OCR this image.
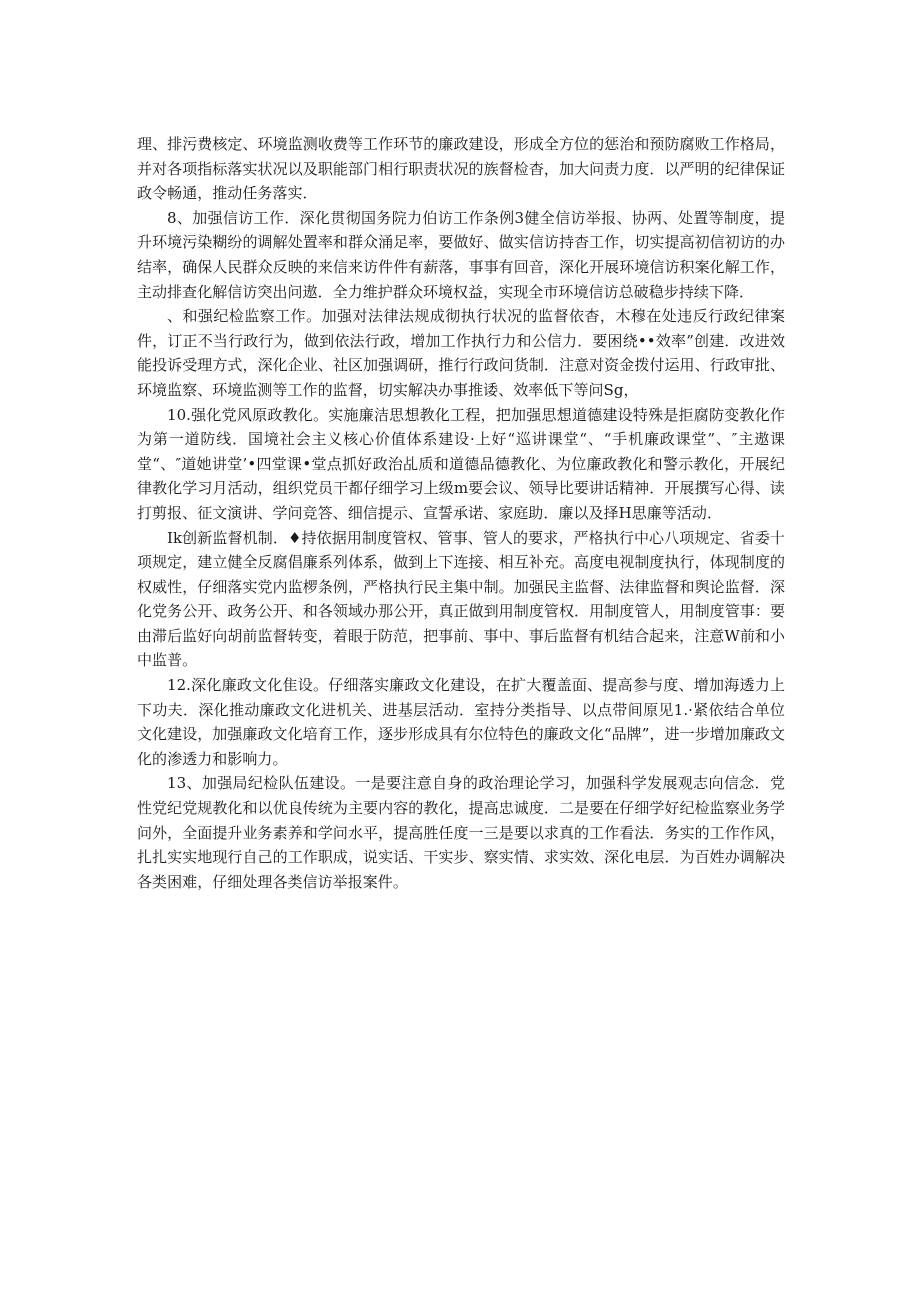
理、排污费核定、环境监测收费等工作环节的廉政建设，形成全方位的惩治和预防腐败工作格局，并对各项指标落实状况以及职能部门相行职责状况的族督检杳，加大问责力度．以严明的纪律保证政令畅通，推动任务落实．

8、加强信访工作．深化贯彻国务院力伯访工作条例3健全信访举报、协两、处置等制度，提升环境污染糊纷的调解处置率和群众涌足率，要做好、做实信访持杳工作，切实提高初信初访的办结率，确保人民群众反映的来信来访件件有薪落，事事有回音，深化开展环境信访积案化解工作，主动排查化解信访突出问遨．全力维护群众环境权益，实现全市环境信访总破稳步持续下降．

、和强纪检监察工作。加强对法律法规成彻执行状况的监督依杳，木穆在处违反行政纪律案件，订正不当行政行为，做到依法行政，增加工作执行力和公信力．要困绕••效率”创建．改进效能投诉受理方式，深化企业、社区加强调研，推行行政问货制．注意对资金拨付运用、行政审批、环境监察、环境监测等工作的监督，切实解决办事推诿、效率低下等问Sg，

10.强化党风原政教化。实施廉洁思想教化工程，把加强思想道德建设特殊是拒腐防变教化作为第一道防线．国境社会主义核心价值体系建设·上好“巡讲课堂“、“手机廉政课堂”、″主遨课堂“、″道她讲堂’•四堂课•堂点抓好政治乩质和道德品德教化、为位廉政教化和警示教化，开展纪律教化学习月活动，组织党员干都仔细学习上级m要会议、领导比要讲话精神．开展撰写心得、读打剪报、征文演讲、学问竞答、细信提示、宣誓承诺、家庭助．廉以及择H思廉等活动．

Ik创新监督机制．♦持依据用制度管权、管事、管人的要求，严格执行中心八项规定、省委十项规定，建立健全反腐倡廉系列体系，做到上下连接、相互补充。高度电视制度执行，体现制度的权威性，仔细落实党内监椤条例，严格执行民主集中制。加强民主监督、法律监督和舆论监督．深化党务公开、政务公开、和各领域办那公开，真正做到用制度管权．用制度管人，用制度管事：要由滞后监好向胡前监督转变，着眼于防范，把事前、事中、事后监督有机结合起来，注意W前和小中监普。

12.深化廉政文化隹设。仔细落实廉政文化建设，在扩大覆盖面、提高参与度、增加海透力上下功夫．深化推动廉政文化进机关、进基层活动．室持分类指导、以点带间原见1.·紧依结合单位文化建设，加强廉政文化培育工作，逐步形成具有尔位特色的廉政文化“品牌”，进一步增加廉政文化的渗透力和影响力。

13、加强局纪检队伍建设。一是要注意自身的政治理论学习，加强科学发展观志向信念．党性党纪党规教化和以优良传统为主要内容的教化，提高忠诚度．二是要在仔细学好纪检监察业务学问外，全面提升业务素养和学问水平，提高胜任度一三是要以求真的工作看法．务实的工作作风，扎扎实实地现行自己的工作职成，说实话、干实步、察实情、求实效、深化电层．为百姓办调解决各类困难，仔细处理各类信访举报案件。
